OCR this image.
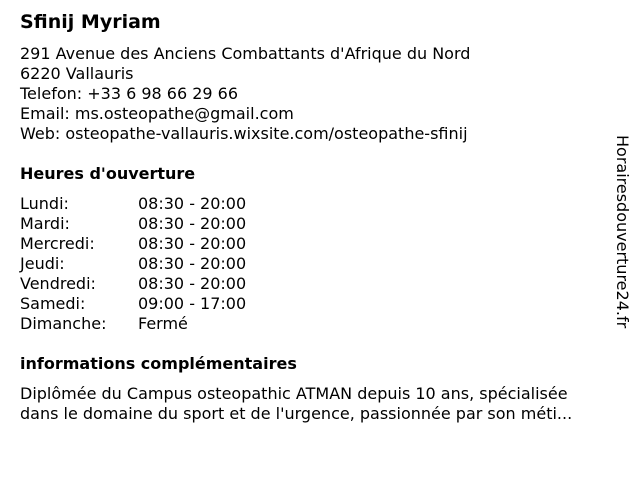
Sfinij Myriam
291 Avenue des Anciens Combattants d'Afrique du Nord
6220 Vallauris
Telefon: +33 6 98 66 29 66
Email: ms.osteopathe@gmail.com
Web: osteopathe-vallauris.wixsite.com/osteopathe-sfinij
Heures d'ouverture
Lundi:	08:30 - 20:00
Mardi:	08:30 - 20:00
Mercredi:	08:30 - 20:00
Jeudi:	08:30 - 20:00
Vendredi:	08:30 - 20:00
Samedi:	09:00 - 17:00
Dimanche:	Fermé
informations complémentaires
Diplômée du Campus osteopathic ATMAN depuis 10 ans, spécialisée
dans le domaine du sport et de l'urgence, passionnée par son méti...
Horairesdouverture24.fr
